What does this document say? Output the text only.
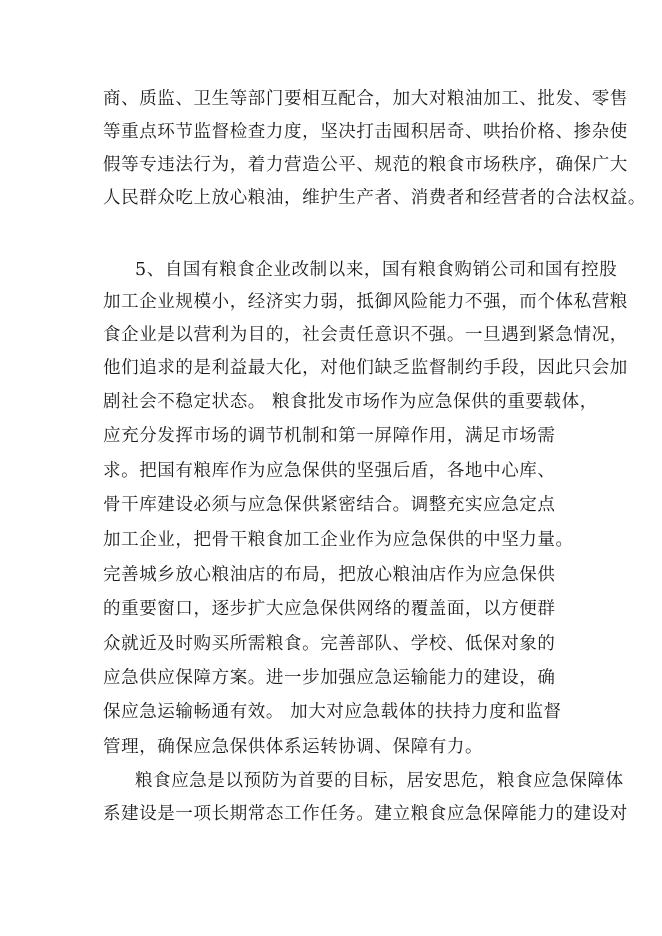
商、质监、卫生等部门要相互配合，加大对粮油加工、批发、零售
等重点环节监督检查力度，坚决打击囤积居奇、哄抬价格、掺杂使
假等专违法行为，着力营造公平、规范的粮食市场秩序，确保广大
人民群众吃上放心粮油，维护生产者、消费者和经营者的合法权益。
5、自国有粮食企业改制以来，国有粮食购销公司和国有控股
加工企业规模小，经济实力弱，抵御风险能力不强，而个体私营粮
食企业是以营利为目的，社会责任意识不强。一旦遇到紧急情况，
他们追求的是利益最大化，对他们缺乏监督制约手段，因此只会加
剧社会不稳定状态。 粮食批发市场作为应急保供的重要载体，
应充分发挥市场的调节机制和第一屏障作用，满足市场需
求。把国有粮库作为应急保供的坚强后盾，各地中心库、
骨干库建设必须与应急保供紧密结合。调整充实应急定点
加工企业，把骨干粮食加工企业作为应急保供的中坚力量。
完善城乡放心粮油店的布局，把放心粮油店作为应急保供
的重要窗口，逐步扩大应急保供网络的覆盖面，以方便群
众就近及时购买所需粮食。完善部队、学校、低保对象的
应急供应保障方案。进一步加强应急运输能力的建设，确
保应急运输畅通有效。 加大对应急载体的扶持力度和监督
管理，确保应急保供体系运转协调、保障有力。
粮食应急是以预防为首要的目标，居安思危，粮食应急保障体
系建设是一项长期常态工作任务。建立粮食应急保障能力的建设对
